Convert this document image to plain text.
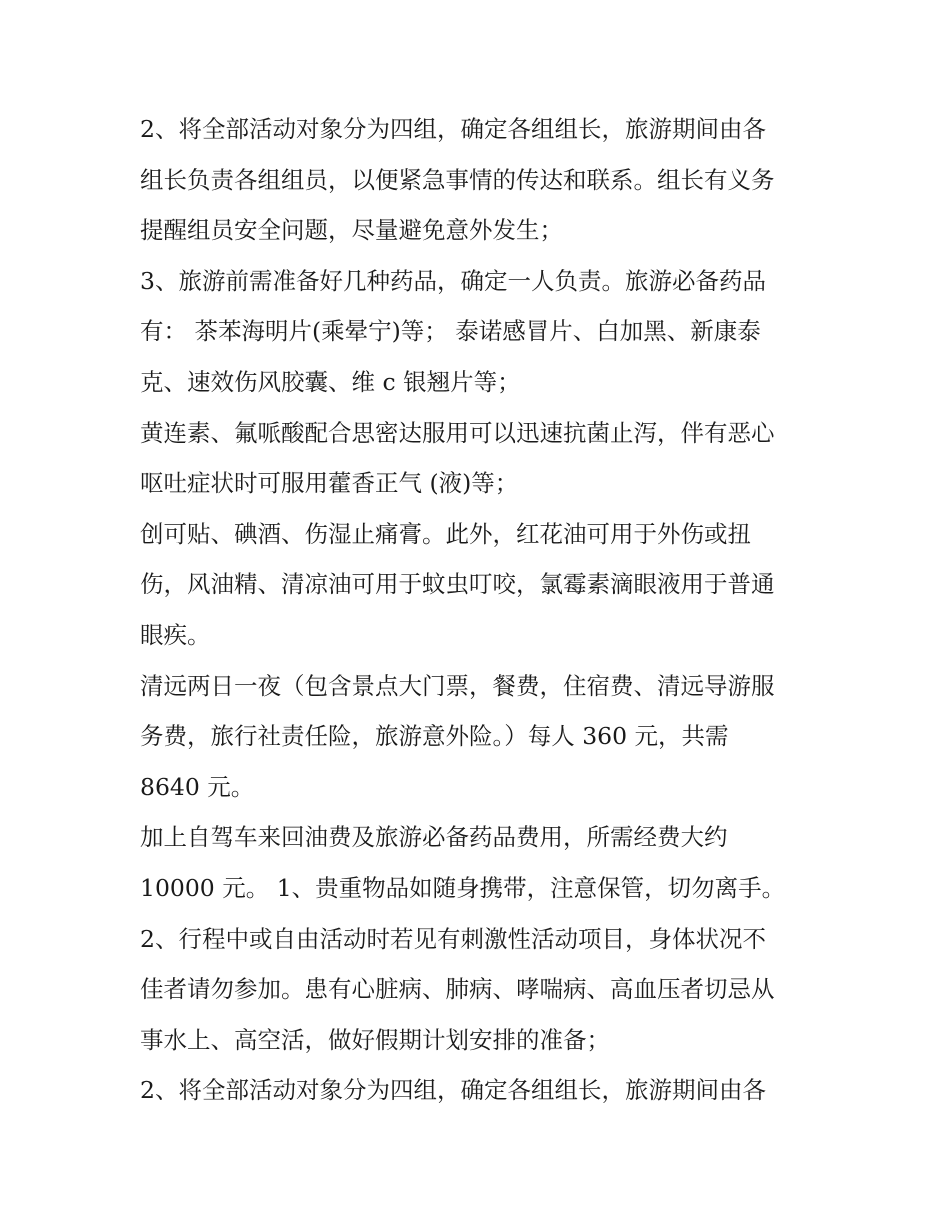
2、将全部活动对象分为四组，确定各组组长，旅游期间由各
组长负责各组组员，以便紧急事情的传达和联系。组长有义务
提醒组员安全问题，尽量避免意外发生；
3、旅游前需准备好几种药品，确定一人负责。旅游必备药品
有： 茶苯海明片(乘晕宁)等； 泰诺感冒片、白加黑、新康泰
克、速效伤风胶囊、维 c 银翘片等；
黄连素、氟哌酸配合思密达服用可以迅速抗菌止泻，伴有恶心
呕吐症状时可服用藿香正气 (液)等；
创可贴、碘酒、伤湿止痛膏。此外，红花油可用于外伤或扭
伤，风油精、清凉油可用于蚊虫叮咬，氯霉素滴眼液用于普通
眼疾。
清远两日一夜（包含景点大门票，餐费，住宿费、清远导游服
务费，旅行社责任险，旅游意外险。）每人 360 元，共需
8640 元。
加上自驾车来回油费及旅游必备药品费用，所需经费大约
10000 元。 1、贵重物品如随身携带，注意保管，切勿离手。
2、行程中或自由活动时若见有刺激性活动项目，身体状况不
佳者请勿参加。患有心脏病、肺病、哮喘病、高血压者切忌从
事水上、高空活，做好假期计划安排的准备；
2、将全部活动对象分为四组，确定各组组长，旅游期间由各
